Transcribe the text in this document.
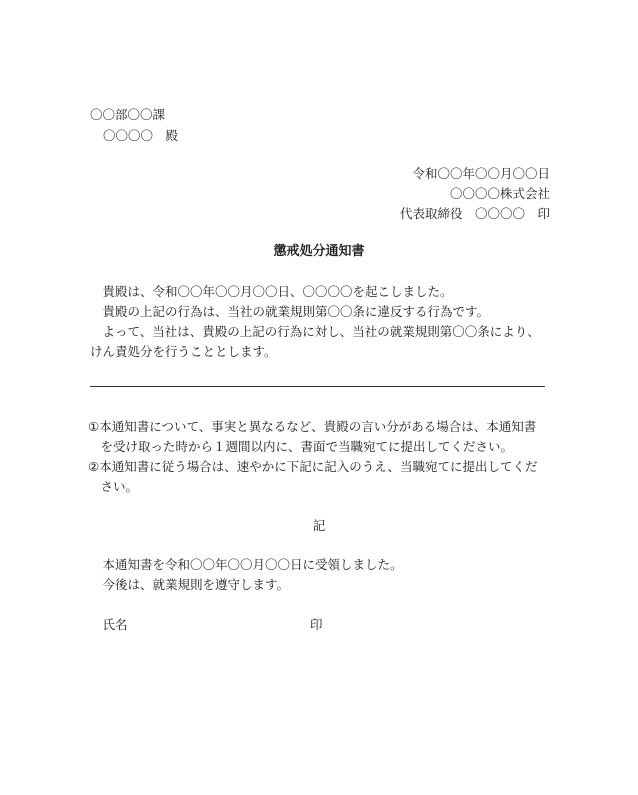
〇〇部〇〇課
〇〇〇〇　殿
令和〇〇年〇〇月〇〇日
〇〇〇〇株式会社
代表取締役　〇〇〇〇　印
懲戒処分通知書
　貴殿は、令和〇〇年〇〇月〇〇日、〇〇〇〇を起こしました。
　貴殿の上記の行為は、当社の就業規則第〇〇条に違反する行為です。
　よって、当社は、貴殿の上記の行為に対し、当社の就業規則第〇〇条により、
けん責処分を行うこととします。
①本通知書について、事実と異なるなど、貴殿の言い分がある場合は、本通知書
　を受け取った時から１週間以内に、書面で当職宛てに提出してください。
②本通知書に従う場合は、速やかに下記に記入のうえ、当職宛てに提出してくだ
　さい。
記
　本通知書を令和〇〇年〇〇月〇〇日に受領しました。
　今後は、就業規則を遵守します。
　氏名	印
